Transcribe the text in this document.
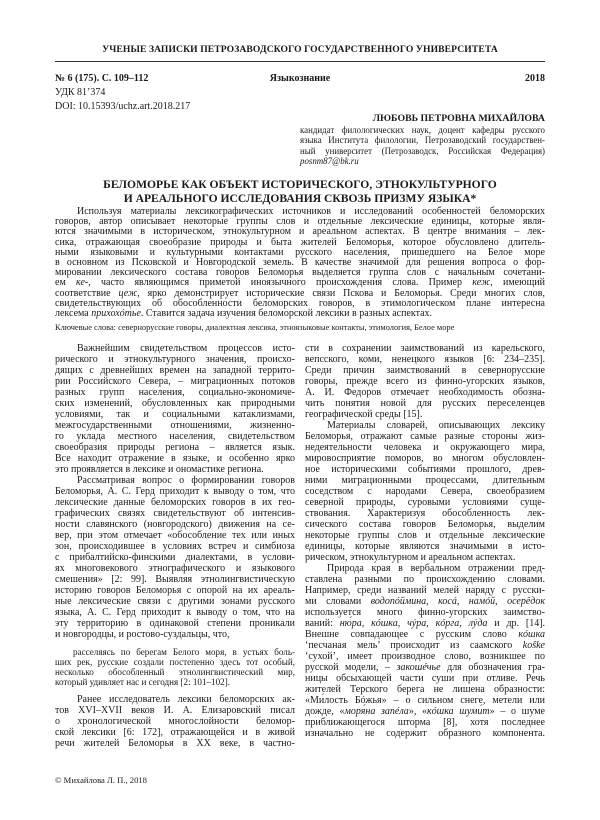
УЧЕНЫЕ ЗАПИСКИ ПЕТРОЗАВОДСКОГО ГОСУДАРСТВЕННОГО УНИВЕРСИТЕТА
№ 6 (175). С. 109–112	Языкознание	2018
УДК 81’374
DOI: 10.15393/uchz.art.2018.217
ЛЮБОВЬ ПЕТРОВНА МИХАЙЛОВА
кандидат филологических наук, доцент кафедры русского
языка Института филологии, Петрозаводский государствен-
ный университет (Петрозаводск, Российская Федерация)
posnm87@bk.ru
БЕЛОМОРЬЕ КАК ОБЪЕКТ ИСТОРИЧЕСКОГО, ЭТНОКУЛЬТУРНОГО
И АРЕАЛЬНОГО ИССЛЕДОВАНИЯ СКВОЗЬ ПРИЗМУ ЯЗЫКА*
Используя материалы лексикографических источников и исследований особенностей беломорских
говоров, автор описывает некоторые группы слов и отдельные лексические единицы, которые явля-
ются значимыми в историческом, этнокультурном и ареальном аспектах. В центре внимания – лек-
сика, отражающая своеобразие природы и быта жителей Беломорья, которое обусловлено длитель-
ными языковыми и культурными контактами русского населения, пришедшего на Белое море
в основном из Псковской и Новгородской земель. В качестве значимой для решения вопроса о фор-
мировании лексического состава говоров Беломорья выделяется группа слов с начальным сочетани-
ем ке-, часто являющимся приметой иноязычного происхождения слова. Пример кеж, имеющий
соответствие цеж, ярко демонстрирует исторические связи Пскова и Беломорья. Среди многих слов,
свидетельствующих об обособленности беломорских говоров, в этимологическом плане интересна
лексема прихохóтье. Ставится задача изучения беломорской лексики в разных аспектах.
Ключевые слова: севернорусские говоры, диалектная лексика, этноязыковые контакты, этимология, Белое море
Важнейшим свидетельством процессов исто-
рического и этнокультурного значения, происхо-
дящих с древнейших времен на западной террито-
рии Российского Севера, – миграционных потоков
разных групп населения, социально-экономиче-
ских изменений, обусловленных как природными
условиями, так и социальными катаклизмами,
межгосударственными отношениями, жизненно-
го уклада местного населения, свидетельством
своеобразия природы региона – является язык.
Все находит отражение в языке, и особенно ярко
это проявляется в лексике и ономастике региона.
Рассматривая вопрос о формировании говоров
Беломорья, А. С. Герд приходит к выводу о том, что
лексические данные беломорских говоров в их гео-
графических связях свидетельствуют об интенсив-
ности славянского (новгородского) движения на се-
вер, при этом отмечает «обособление тех или иных
зон, происходившее в условиях встреч и симбиоза
с прибалтийско-финскими диалектами, в услови-
ях многовекового этнографического и языкового
смешения» [2: 99]. Выявляя этнолингвистическую
историю говоров Беломорья с опорой на их ареаль-
ные лексические связи с другими зонами русского
языка, А. С. Герд приходит к выводу о том, что на
эту территорию в одинаковой степени проникали
и новгородцы, и ростово-суздальцы, что,
расселяясь по берегам Белого моря, в устьях боль-
ших рек, русские создали постепенно здесь тот особый,
несколько обособленный этнолингвистический мир,
который удивляет нас и сегодня [2: 101–102].
Ранее исследователь лексики беломорских ак-
тов XVI–XVII веков И. А. Елизаровский писал
о хронологической многослойности беломор-
ской лексики [6: 172], отражающейся и в живой
речи жителей Беломорья в XX веке, в частно-
сти в сохранении заимствований из карельского,
вепсского, коми, ненецкого языков [6: 234–235].
Среди причин заимствований в севернорусские
говоры, прежде всего из финно-угорских языков,
А. И. Федоров отмечает необходимость обозна-
чить понятия новой для русских переселенцев
географической среды [15].
Материалы словарей, описывающих лексику
Беломорья, отражают самые разные стороны жиз-
недеятельности человека и окружающего мира,
мировосприятие поморов, во многом обусловлен-
ное историческими событиями прошлого, древ-
ними миграционными процессами, длительным
соседством с народами Севера, своеобразием
северной природы, суровыми условиями суще-
ствования. Характеризуя обособленность лек-
сического состава говоров Беломорья, выделим
некоторые группы слов и отдельные лексические
единицы, которые являются значимыми в исто-
рическом, этнокультурном и ареальном аспектах.
Природа края в вербальном отражении пред-
ставлена разными по происхождению словами.
Например, среди названий мелей наряду с русски-
ми словами водопóймина, косá, намóй, осерёдок
используется много финно-угорских заимство-
ваний: ню́ра, кóшка, чýра, кóрга, лýда и др. [14].
Внешне совпадающее с русским слово кóшка
‘песчаная мель’ происходит из саамского koške
‘сухой’, имеет производное слово, возникшее по
русской модели, – закошéчье для обозначения гра-
ницы обсыхающей части суши при отливе. Речь
жителей Терского берега не лишена образности:
«Ми́лость Бóжья» – о сильном снеге, метели или
дожде, «моря́на запéла», «кóшка шуми́т» – о шуме
приближающегося шторма [8], хотя последнее
изначально не содержит образного компонента.
© Михайлова Л. П., 2018
